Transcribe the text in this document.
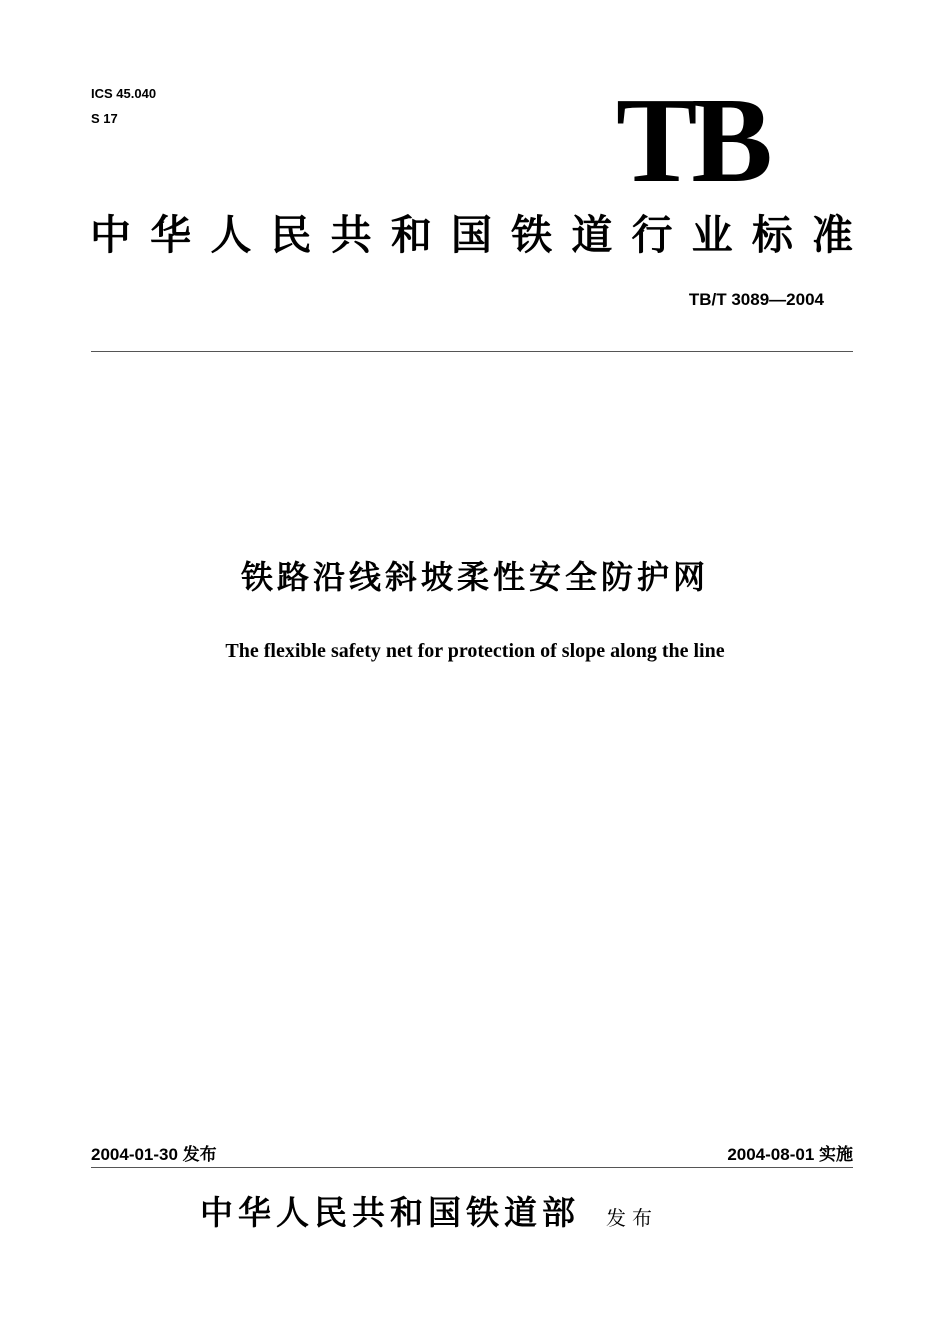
ICS 45.040
S 17	TB
中华人民共和国铁道行业标准
TB/T 3089—2004
铁路沿线斜坡柔性安全防护网
The flexible safety net for protection of slope along the line
2004-01-30 发布	2004-08-01 实施
中华人民共和国铁道部 发布
